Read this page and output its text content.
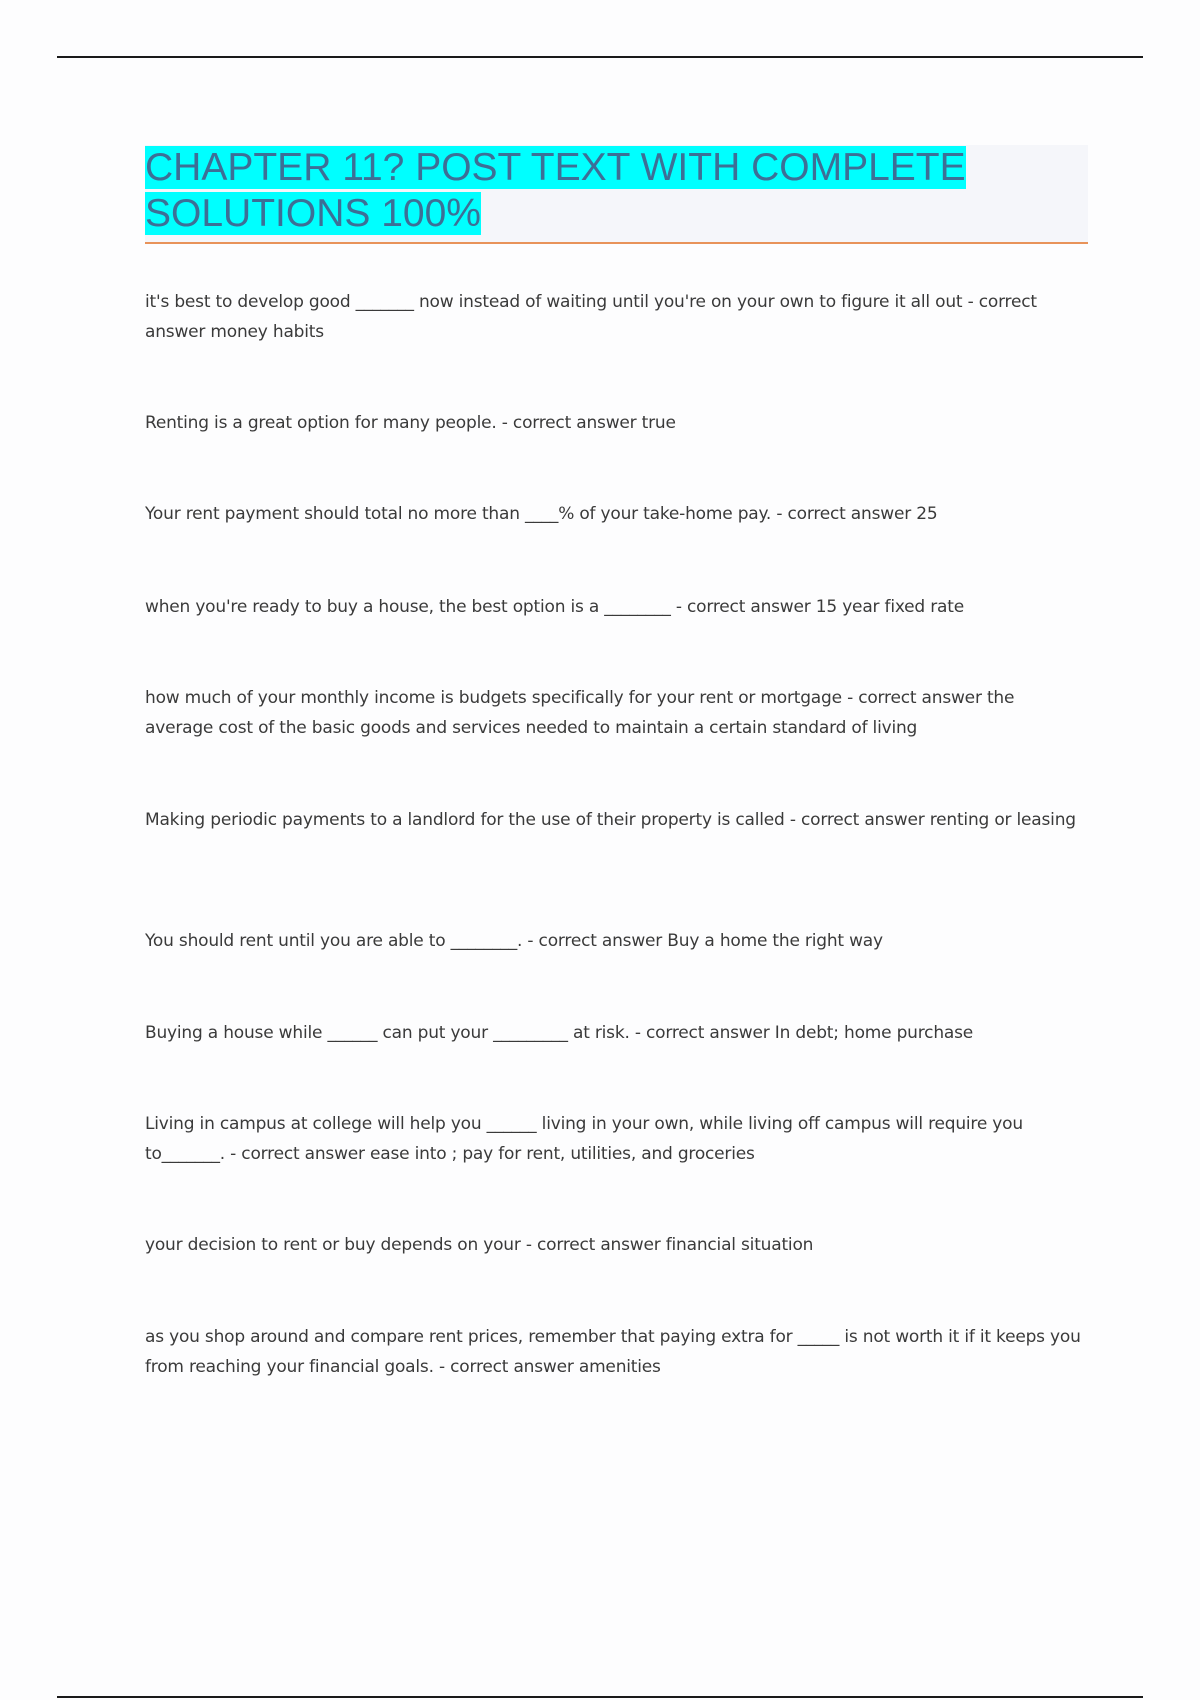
CHAPTER 11? POST TEXT WITH COMPLETE
SOLUTIONS 100%

it's best to develop good _______ now instead of waiting until you're on your own to figure it all out - correct answer money habits

Renting is a great option for many people. - correct answer true

Your rent payment should total no more than ____% of your take-home pay. - correct answer 25

when you're ready to buy a house, the best option is a ________ - correct answer 15 year fixed rate

how much of your monthly income is budgets specifically for your rent or mortgage - correct answer the average cost of the basic goods and services needed to maintain a certain standard of living

Making periodic payments to a landlord for the use of their property is called - correct answer renting or leasing

You should rent until you are able to ________. - correct answer Buy a home the right way

Buying a house while ______ can put your _________ at risk. - correct answer In debt; home purchase

Living in campus at college will help you ______ living in your own, while living off campus will require you to_______. - correct answer ease into ; pay for rent, utilities, and groceries

your decision to rent or buy depends on your - correct answer financial situation

as you shop around and compare rent prices, remember that paying extra for _____ is not worth it if it keeps you from reaching your financial goals. - correct answer amenities
